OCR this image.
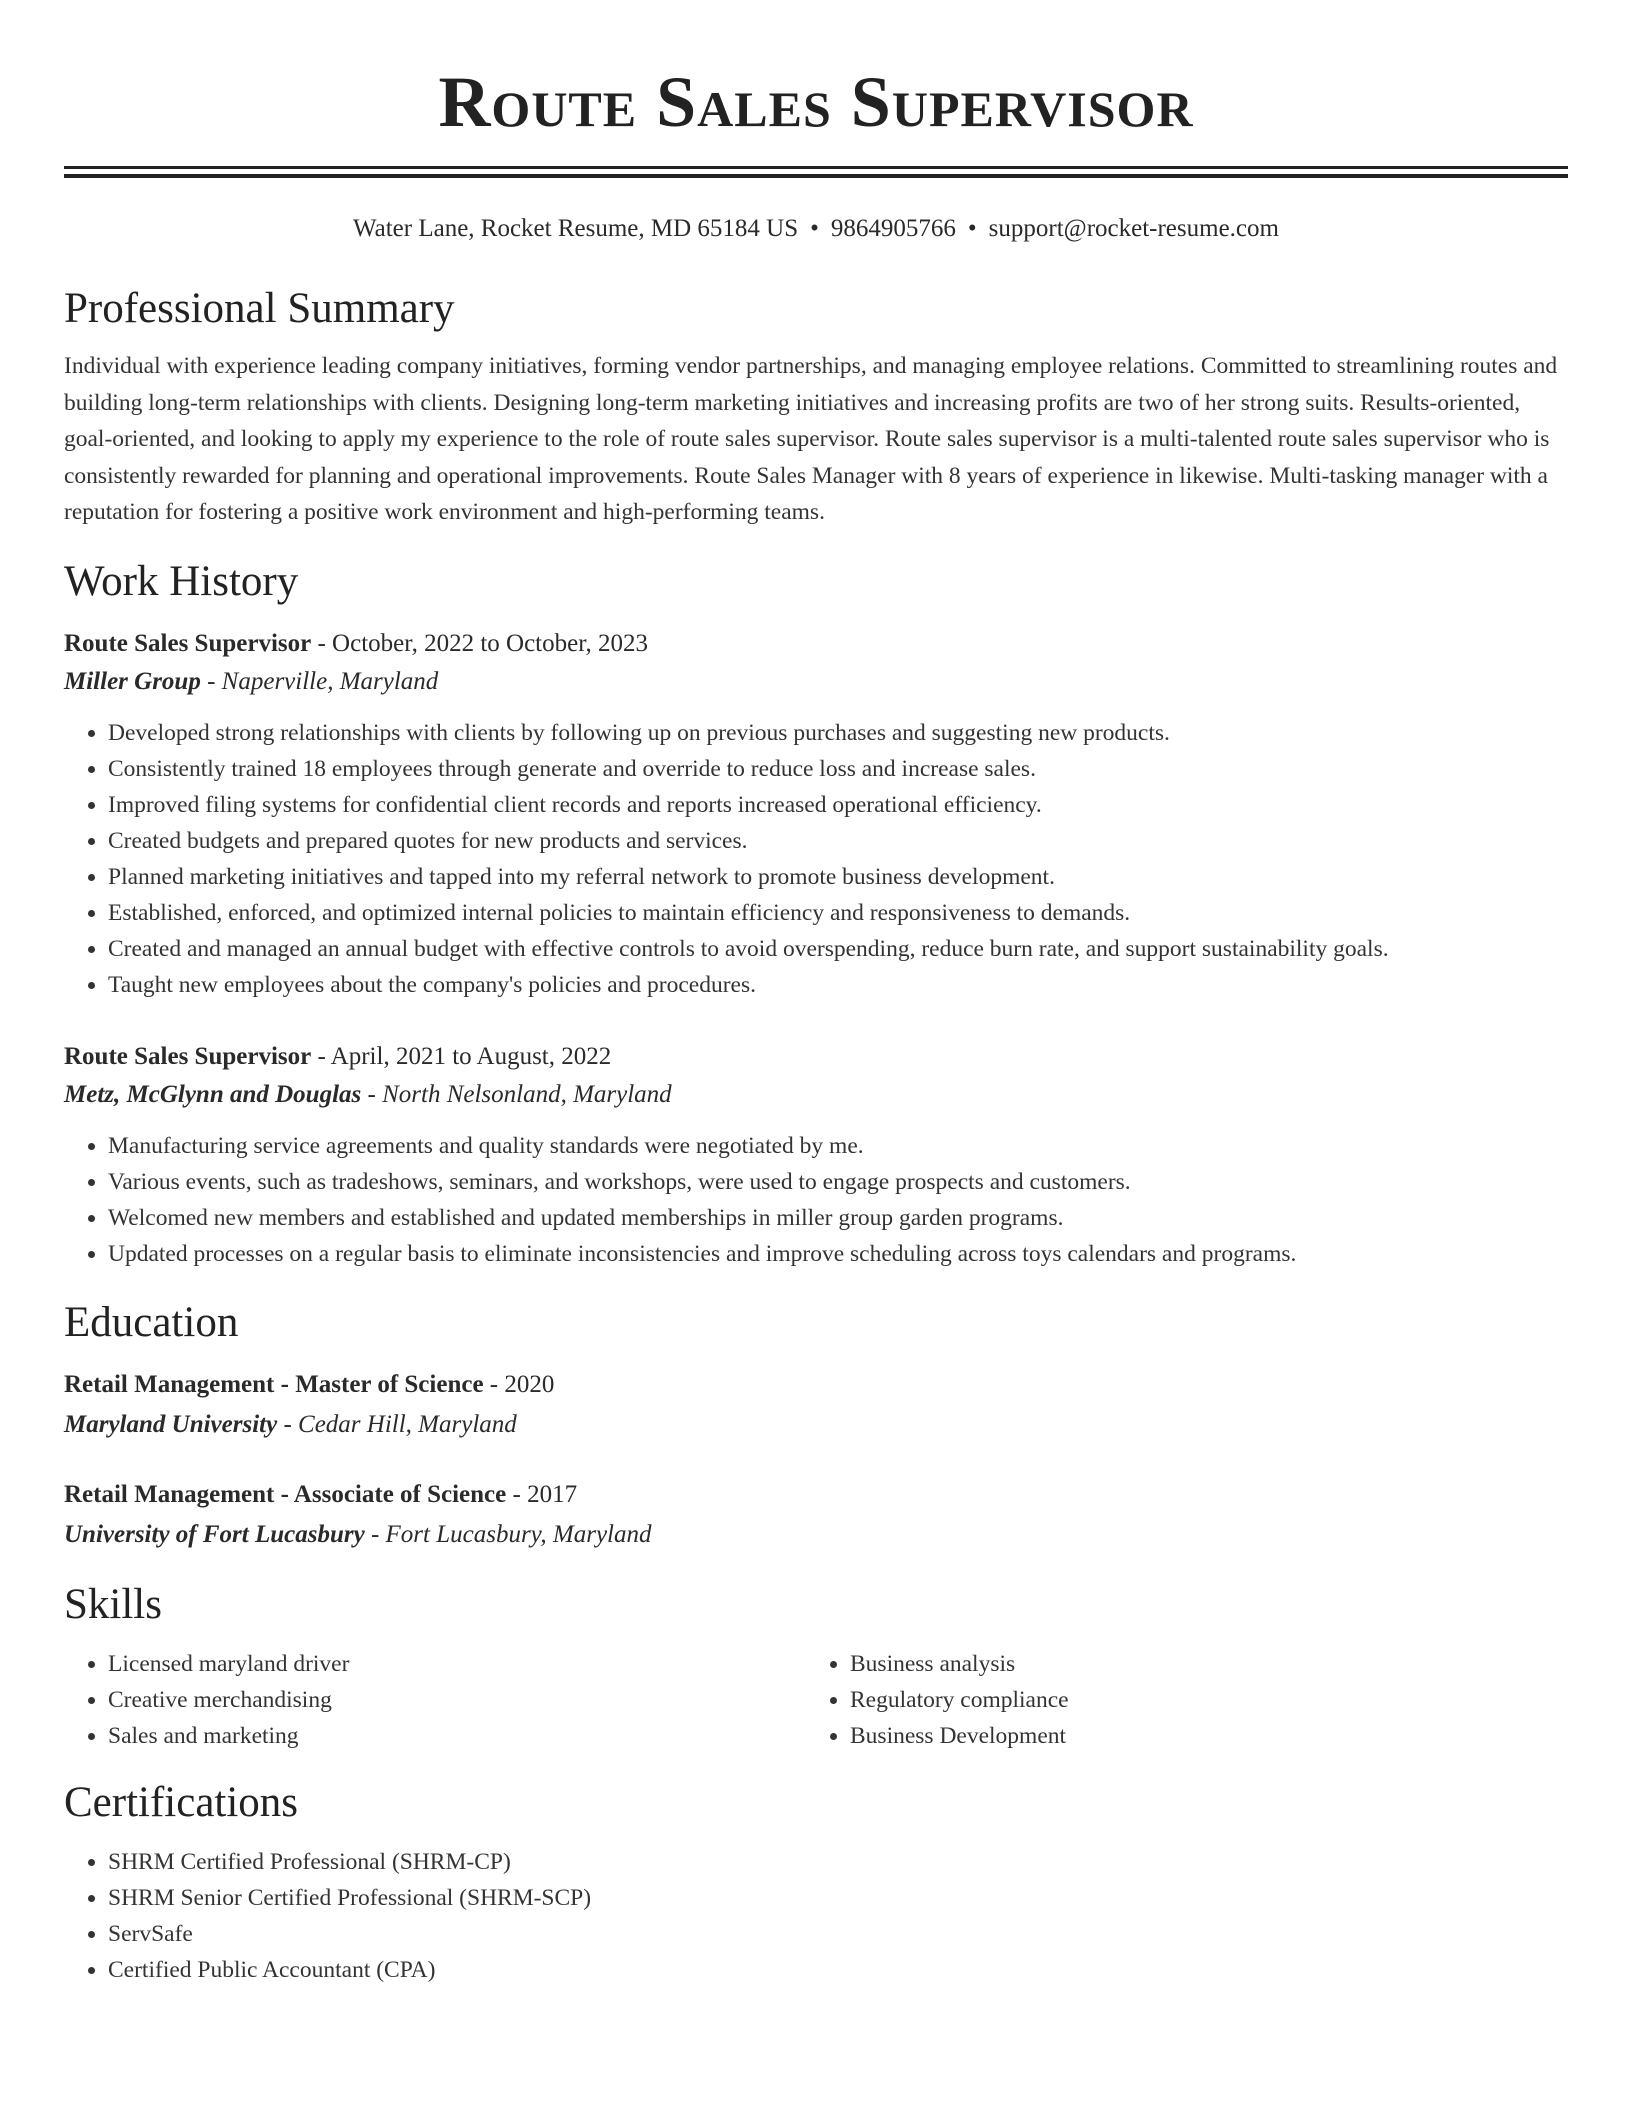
Route Sales Supervisor
Water Lane, Rocket Resume, MD 65184 US • 9864905766 • support@rocket-resume.com
Professional Summary

Individual with experience leading company initiatives, forming vendor partnerships, and managing employee relations. Committed to streamlining routes and building long-term relationships with clients. Designing long-term marketing initiatives and increasing profits are two of her strong suits. Results-oriented, goal-oriented, and looking to apply my experience to the role of route sales supervisor. Route sales supervisor is a multi-talented route sales supervisor who is consistently rewarded for planning and operational improvements. Route Sales Manager with 8 years of experience in likewise. Multi-tasking manager with a reputation for fostering a positive work environment and high-performing teams.

Work History
Route Sales Supervisor - October, 2022 to October, 2023
Miller Group - Naperville, Maryland
• Developed strong relationships with clients by following up on previous purchases and suggesting new products.
• Consistently trained 18 employees through generate and override to reduce loss and increase sales.
• Improved filing systems for confidential client records and reports increased operational efficiency.
• Created budgets and prepared quotes for new products and services.
• Planned marketing initiatives and tapped into my referral network to promote business development.
• Established, enforced, and optimized internal policies to maintain efficiency and responsiveness to demands.
• Created and managed an annual budget with effective controls to avoid overspending, reduce burn rate, and support sustainability goals.
• Taught new employees about the company's policies and procedures.
Route Sales Supervisor - April, 2021 to August, 2022
Metz, McGlynn and Douglas - North Nelsonland, Maryland
• Manufacturing service agreements and quality standards were negotiated by me.
• Various events, such as tradeshows, seminars, and workshops, were used to engage prospects and customers.
• Welcomed new members and established and updated memberships in miller group garden programs.
• Updated processes on a regular basis to eliminate inconsistencies and improve scheduling across toys calendars and programs.
Education
Retail Management - Master of Science - 2020
Maryland University - Cedar Hill, Maryland
Retail Management - Associate of Science - 2017
University of Fort Lucasbury - Fort Lucasbury, Maryland
Skills
• Licensed maryland driver
• Creative merchandising
• Sales and marketing
• Business analysis
• Regulatory compliance
• Business Development
Certifications
• SHRM Certified Professional (SHRM-CP)
• SHRM Senior Certified Professional (SHRM-SCP)
• ServSafe
• Certified Public Accountant (CPA)
